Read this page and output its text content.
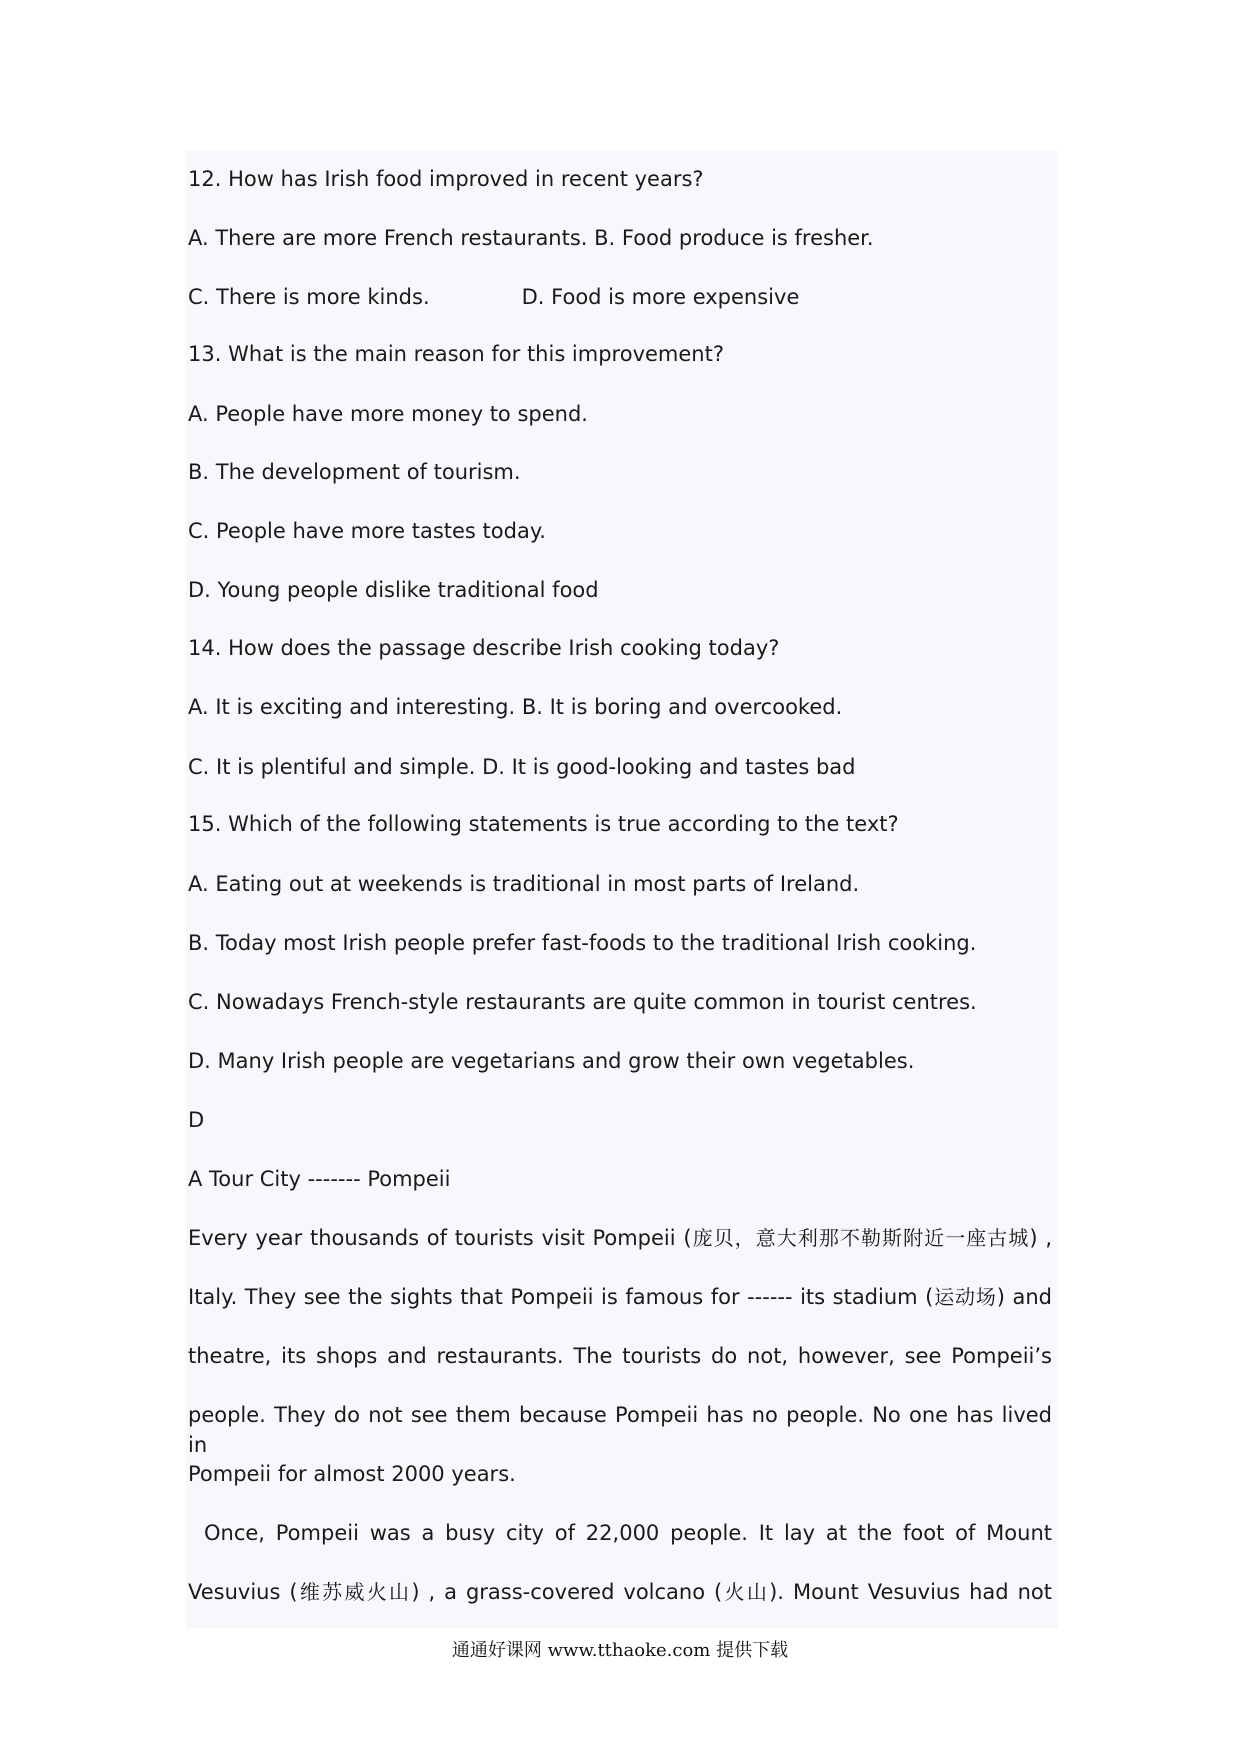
12. How has Irish food improved in recent years?

A. There are more French restaurants. B. Food produce is fresher.

C. There is more kinds.	D. Food is more expensive

13. What is the main reason for this improvement?

A. People have more money to spend.

B. The development of tourism.

C. People have more tastes today.

D. Young people dislike traditional food

14. How does the passage describe Irish cooking today?

A. It is exciting and interesting. B. It is boring and overcooked.

C. It is plentiful and simple. D. It is good-looking and tastes bad

15. Which of the following statements is true according to the text?

A. Eating out at weekends is traditional in most parts of Ireland.

B. Today most Irish people prefer fast-foods to the traditional Irish cooking.

C. Nowadays French-style restaurants are quite common in tourist centres.

D. Many Irish people are vegetarians and grow their own vegetables.

D

A Tour City ------- Pompeii

Every year thousands of tourists visit Pompeii (庞贝，意大利那不勒斯附近一座古城) ,

Italy. They see the sights that Pompeii is famous for ------ its stadium (运动场) and

theatre, its shops and restaurants. The tourists do not, however, see Pompeii’s

people. They do not see them because Pompeii has no people. No one has lived in

Pompeii for almost 2000 years.

Once, Pompeii was a busy city of 22,000 people. It lay at the foot of Mount

Vesuvius (维苏威火山) , a grass-covered volcano (火山). Mount Vesuvius had not

通通好课网 www.tthaoke.com 提供下载
